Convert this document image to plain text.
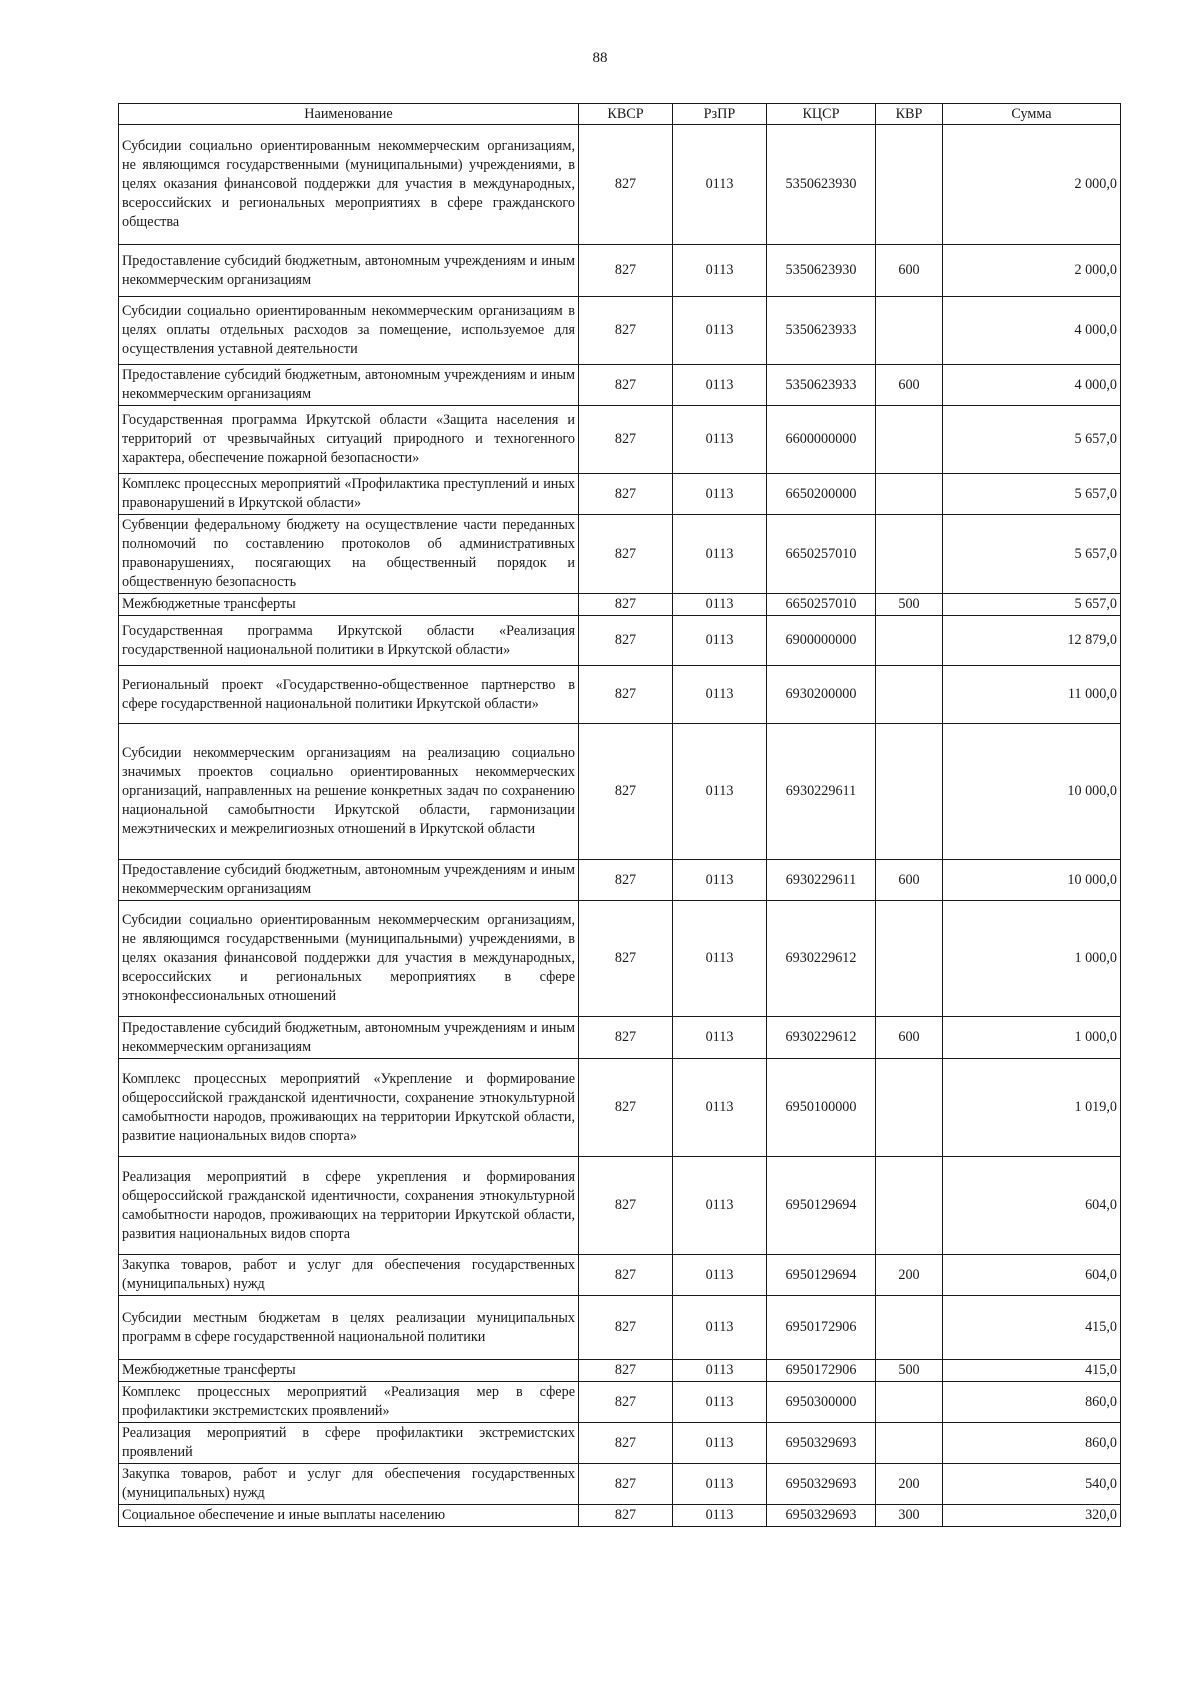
88
Наименование	КВСР	РзПР	КЦСР	КВР	Сумма
Субсидии социально ориентированным некоммерческим организациям, не являющимся государственными (муниципальными) учреждениями, в целях оказания финансовой поддержки для участия в международных, всероссийских и региональных мероприятиях в сфере гражданского общества	827	0113	5350623930		2 000,0
Предоставление субсидий бюджетным, автономным учреждениям и иным некоммерческим организациям	827	0113	5350623930	600	2 000,0
Субсидии социально ориентированным некоммерческим организациям в целях оплаты отдельных расходов за помещение, используемое для осуществления уставной деятельности	827	0113	5350623933		4 000,0
Предоставление субсидий бюджетным, автономным учреждениям и иным некоммерческим организациям	827	0113	5350623933	600	4 000,0
Государственная программа Иркутской области «Защита населения и территорий от чрезвычайных ситуаций природного и техногенного характера, обеспечение пожарной безопасности»	827	0113	6600000000		5 657,0
Комплекс процессных мероприятий «Профилактика преступлений и иных правонарушений в Иркутской области»	827	0113	6650200000		5 657,0
Субвенции федеральному бюджету на осуществление части переданных полномочий по составлению протоколов об административных правонарушениях, посягающих на общественный порядок и общественную безопасность	827	0113	6650257010		5 657,0
Межбюджетные трансферты	827	0113	6650257010	500	5 657,0
Государственная программа Иркутской области «Реализация государственной национальной политики в Иркутской области»	827	0113	6900000000		12 879,0
Региональный проект «Государственно-общественное партнерство в сфере государственной национальной политики Иркутской области»	827	0113	6930200000		11 000,0
Субсидии некоммерческим организациям на реализацию социально значимых проектов социально ориентированных некоммерческих организаций, направленных на решение конкретных задач по сохранению национальной самобытности Иркутской области, гармонизации межэтнических и межрелигиозных отношений в Иркутской области	827	0113	6930229611		10 000,0
Предоставление субсидий бюджетным, автономным учреждениям и иным некоммерческим организациям	827	0113	6930229611	600	10 000,0
Субсидии социально ориентированным некоммерческим организациям, не являющимся государственными (муниципальными) учреждениями, в целях оказания финансовой поддержки для участия в международных, всероссийских и региональных мероприятиях в сфере этноконфессиональных отношений	827	0113	6930229612		1 000,0
Предоставление субсидий бюджетным, автономным учреждениям и иным некоммерческим организациям	827	0113	6930229612	600	1 000,0
Комплекс процессных мероприятий «Укрепление и формирование общероссийской гражданской идентичности, сохранение этнокультурной самобытности народов, проживающих на территории Иркутской области, развитие национальных видов спорта»	827	0113	6950100000		1 019,0
Реализация мероприятий в сфере укрепления и формирования общероссийской гражданской идентичности, сохранения этнокультурной самобытности народов, проживающих на территории Иркутской области, развития национальных видов спорта	827	0113	6950129694		604,0
Закупка товаров, работ и услуг для обеспечения государственных (муниципальных) нужд	827	0113	6950129694	200	604,0
Субсидии местным бюджетам в целях реализации муниципальных программ в сфере государственной национальной политики	827	0113	6950172906		415,0
Межбюджетные трансферты	827	0113	6950172906	500	415,0
Комплекс процессных мероприятий «Реализация мер в сфере профилактики экстремистских проявлений»	827	0113	6950300000		860,0
Реализация мероприятий в сфере профилактики экстремистских проявлений	827	0113	6950329693		860,0
Закупка товаров, работ и услуг для обеспечения государственных (муниципальных) нужд	827	0113	6950329693	200	540,0
Социальное обеспечение и иные выплаты населению	827	0113	6950329693	300	320,0
